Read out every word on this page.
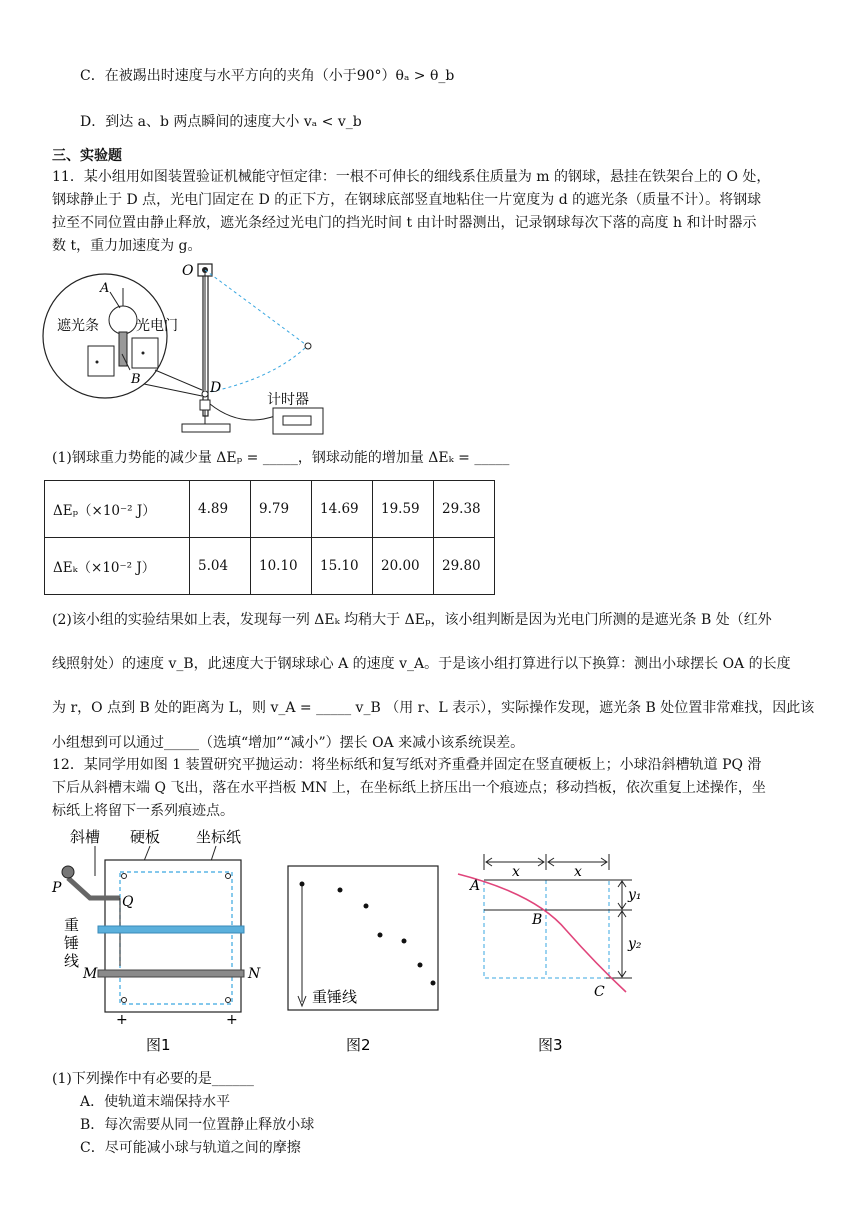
C．在被踢出时速度与水平方向的夹角（小于90°）θₐ > θ_b
D．到达 a、b 两点瞬间的速度大小 vₐ < v_b
三、实验题
11．某小组用如图装置验证机械能守恒定律：一根不可伸长的细线系住质量为 m 的钢球，悬挂在铁架台上的 O 处，
钢球静止于 D 点，光电门固定在 D 的正下方，在钢球底部竖直地粘住一片宽度为 d 的遮光条（质量不计）。将钢球
拉至不同位置由静止释放，遮光条经过光电门的挡光时间 t 由计时器测出，记录钢球每次下落的高度 h 和计时器示
数 t，重力加速度为 g。
O
D
计时器
A
B
遮光条	光电门
(1)钢球重力势能的减少量 ΔEₚ = _____，钢球动能的增加量 ΔEₖ = _____
ΔEₚ（×10⁻² J）	4.89	9.79	14.69	19.59	29.38
ΔEₖ（×10⁻² J）	5.04	10.10	15.10	20.00	29.80
(2)该小组的实验结果如上表，发现每一列 ΔEₖ 均稍大于 ΔEₚ，该小组判断是因为光电门所测的是遮光条 B 处（红外
线照射处）的速度 v_B，此速度大于钢球球心 A 的速度 v_A。于是该小组打算进行以下换算：测出小球摆长 OA 的长度
为 r，O 点到 B 处的距离为 L，则 v_A = _____ v_B （用 r、L 表示），实际操作发现，遮光条 B 处位置非常难找，因此该
小组想到可以通过_____（选填“增加”“减小”）摆长 OA 来减小该系统误差。
12．某同学用如图 1 装置研究平抛运动：将坐标纸和复写纸对齐重叠并固定在竖直硬板上；小球沿斜槽轨道 PQ 滑
下后从斜槽末端 Q 飞出，落在水平挡板 MN 上，在坐标纸上挤压出一个痕迹点；移动挡板，依次重复上述操作，坐
标纸上将留下一系列痕迹点。
斜槽 硬板 坐标纸
P
Q
重
锤
线
M	N
+	+
图1
重锤线
图2
x	x
y₁
y₂
A
B
C
图3
(1)下列操作中有必要的是______
A．使轨道末端保持水平
B．每次需要从同一位置静止释放小球
C．尽可能减小球与轨道之间的摩擦
